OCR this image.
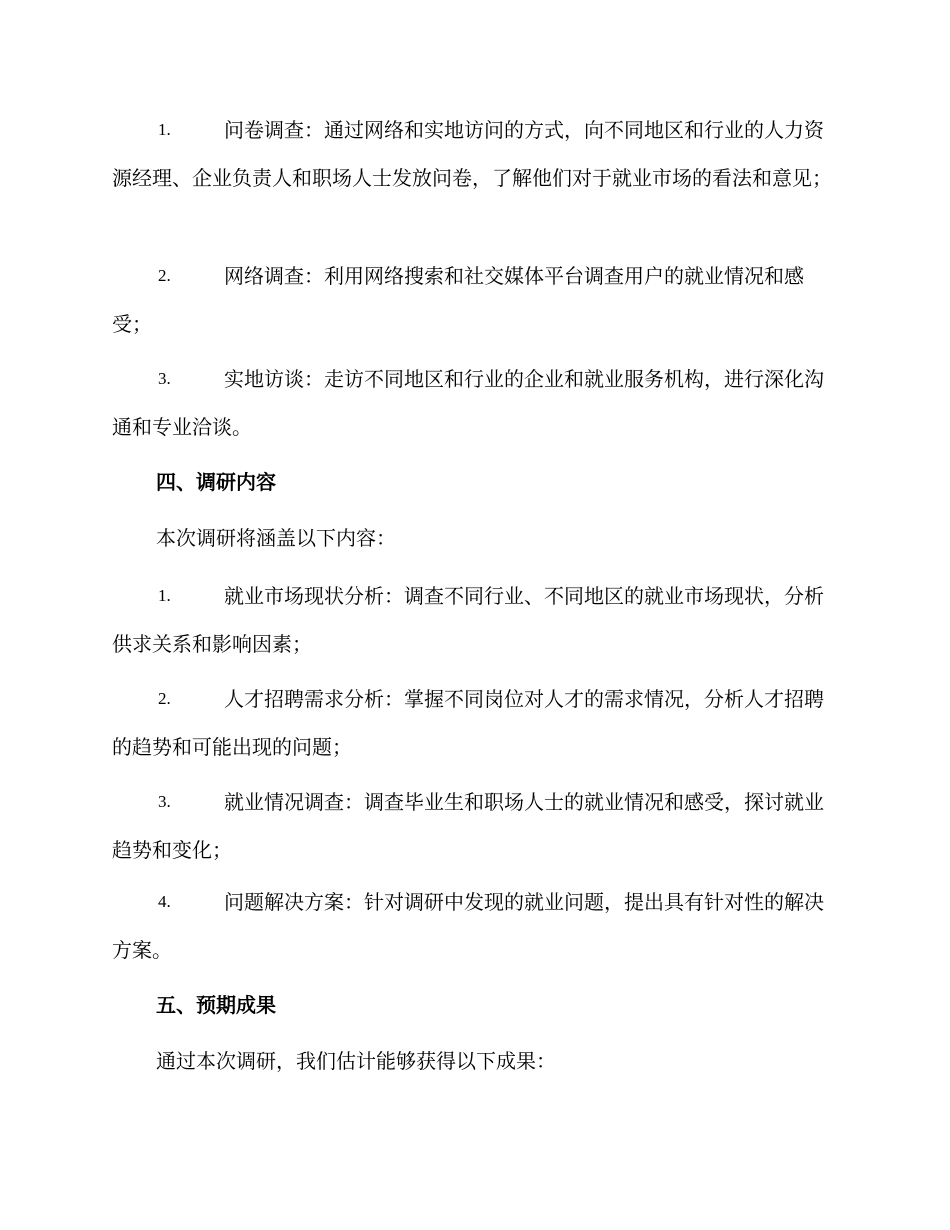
1.	问卷调查：通过网络和实地访问的方式，向不同地区和行业的人力资源经理、企业负责人和职场人士发放问卷，了解他们对于就业市场的看法和意见；

2.	网络调查：利用网络搜索和社交媒体平台调查用户的就业情况和感受；

3.	实地访谈：走访不同地区和行业的企业和就业服务机构，进行深化沟通和专业洽谈。

四、调研内容

本次调研将涵盖以下内容：

1.	就业市场现状分析：调查不同行业、不同地区的就业市场现状，分析供求关系和影响因素；

2.	人才招聘需求分析：掌握不同岗位对人才的需求情况，分析人才招聘的趋势和可能出现的问题；

3.	就业情况调查：调查毕业生和职场人士的就业情况和感受，探讨就业趋势和变化；

4.	问题解决方案：针对调研中发现的就业问题，提出具有针对性的解决方案。

五、预期成果

通过本次调研，我们估计能够获得以下成果：
